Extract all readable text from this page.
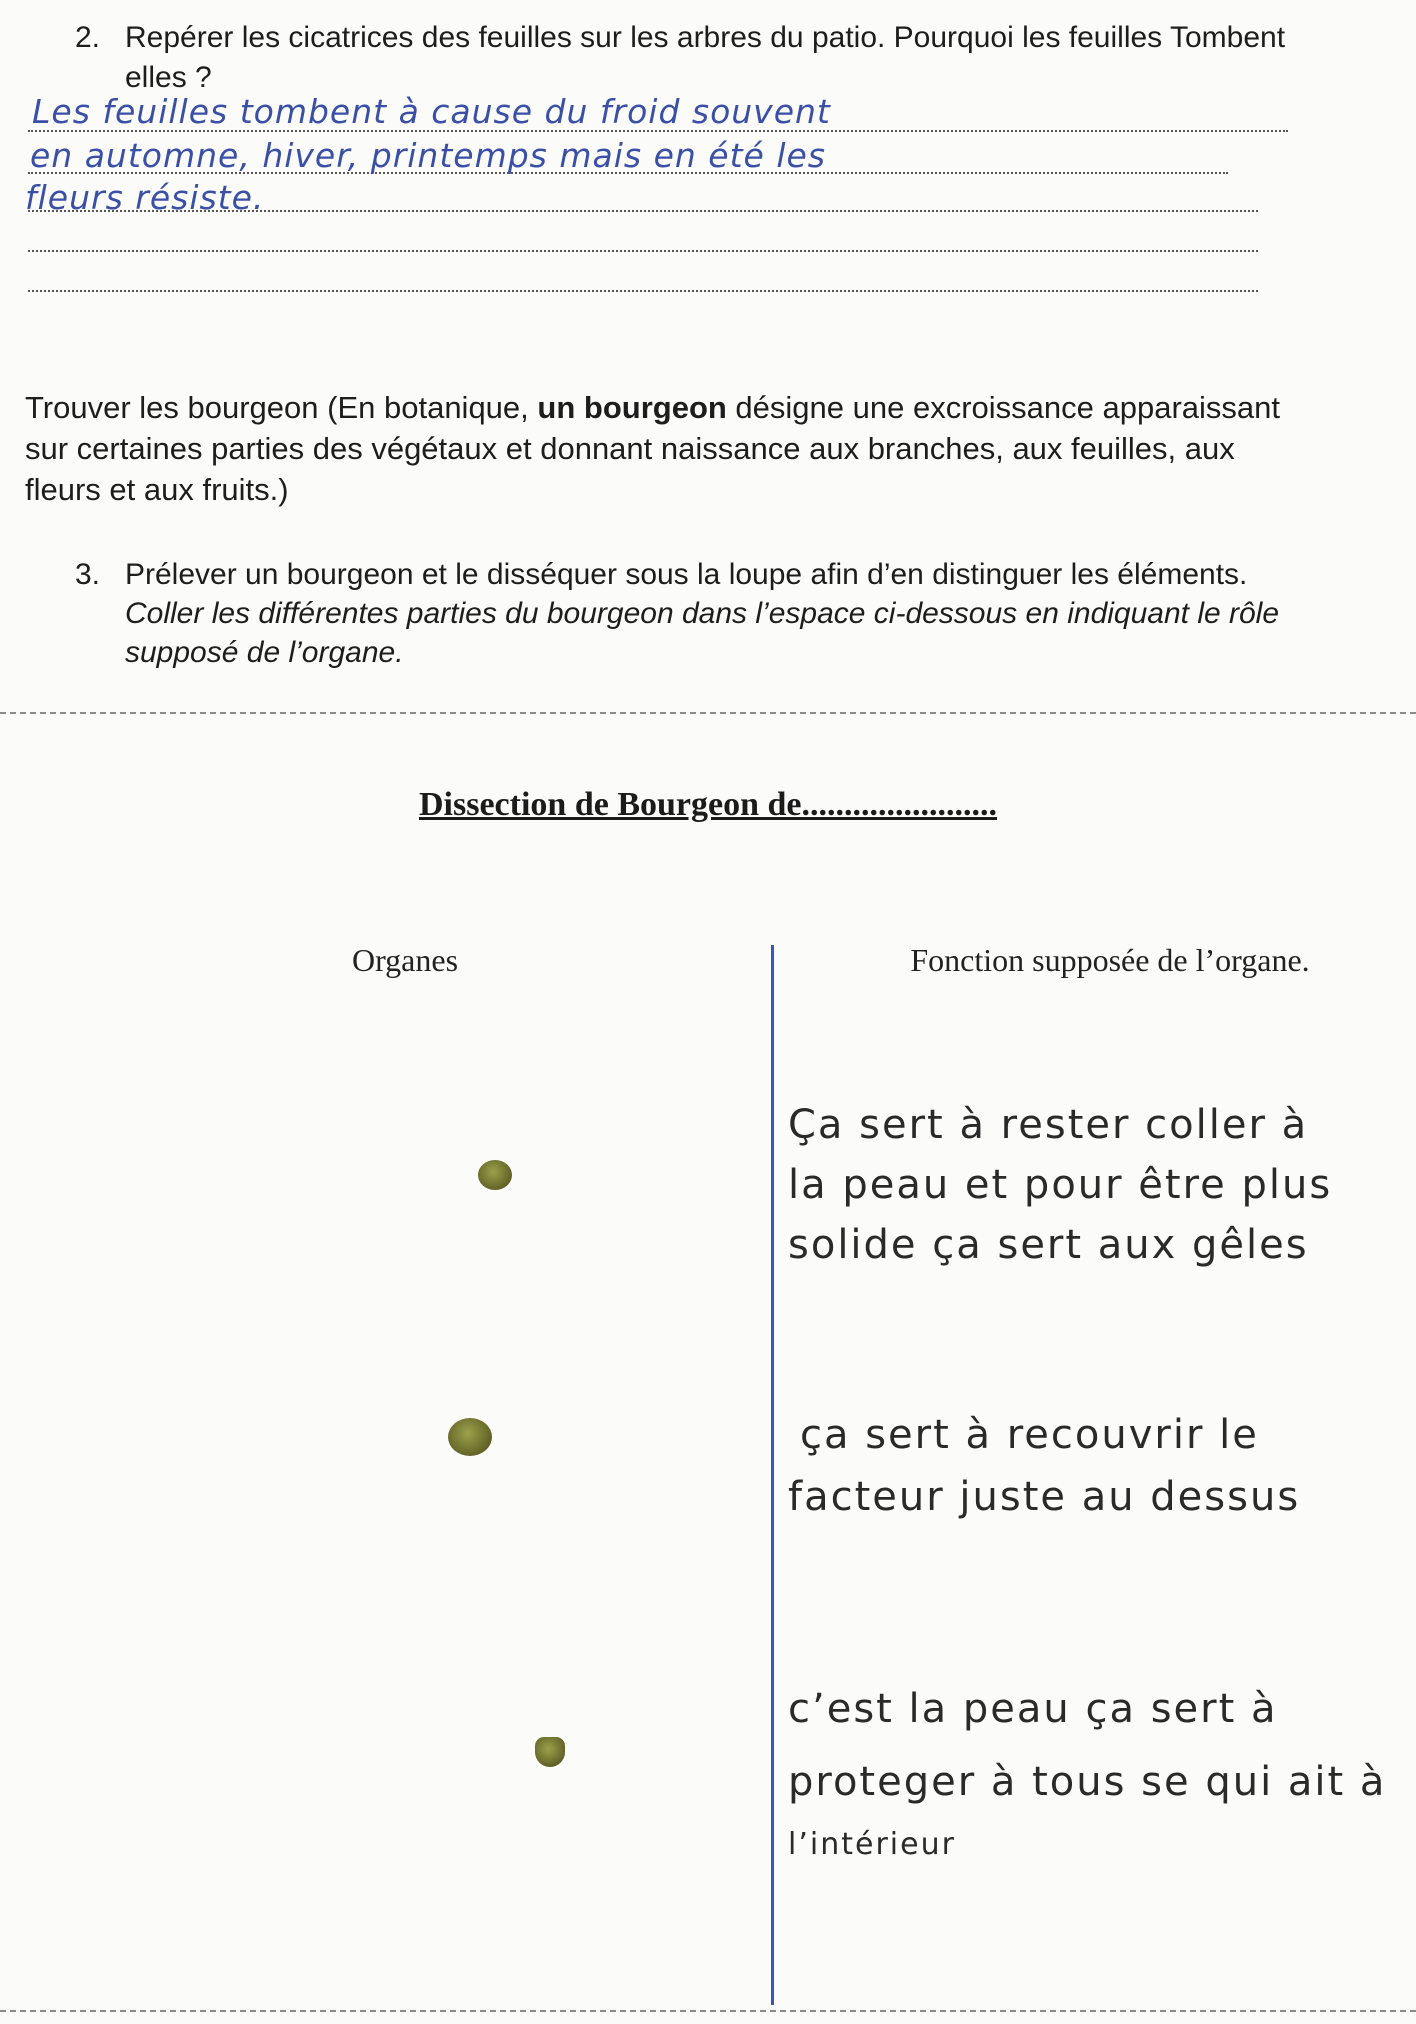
2. Repérer les cicatrices des feuilles sur les arbres du patio. Pourquoi les feuilles Tombent elles ?
Les feuilles tombent à cause du froid souvent
en automne, hiver, printemps mais en été les
fleurs résiste.
Trouver les bourgeon (En botanique, un bourgeon désigne une excroissance apparaissant sur certaines parties des végétaux et donnant naissance aux branches, aux feuilles, aux fleurs et aux fruits.)
3. Prélever un bourgeon et le disséquer sous la loupe afin d’en distinguer les éléments. Coller les différentes parties du bourgeon dans l’espace ci-dessous en indiquant le rôle supposé de l’organe.
Dissection de Bourgeon de.......................
Organes	Fonction supposée de l’organe.
Ça sert à rester coller à
la peau et pour être plus
solide ça sert aux gêles
ça sert à recouvrir le
facteur juste au dessus
c’est la peau ça sert à
proteger à tous se qui ait à
l’intérieur
